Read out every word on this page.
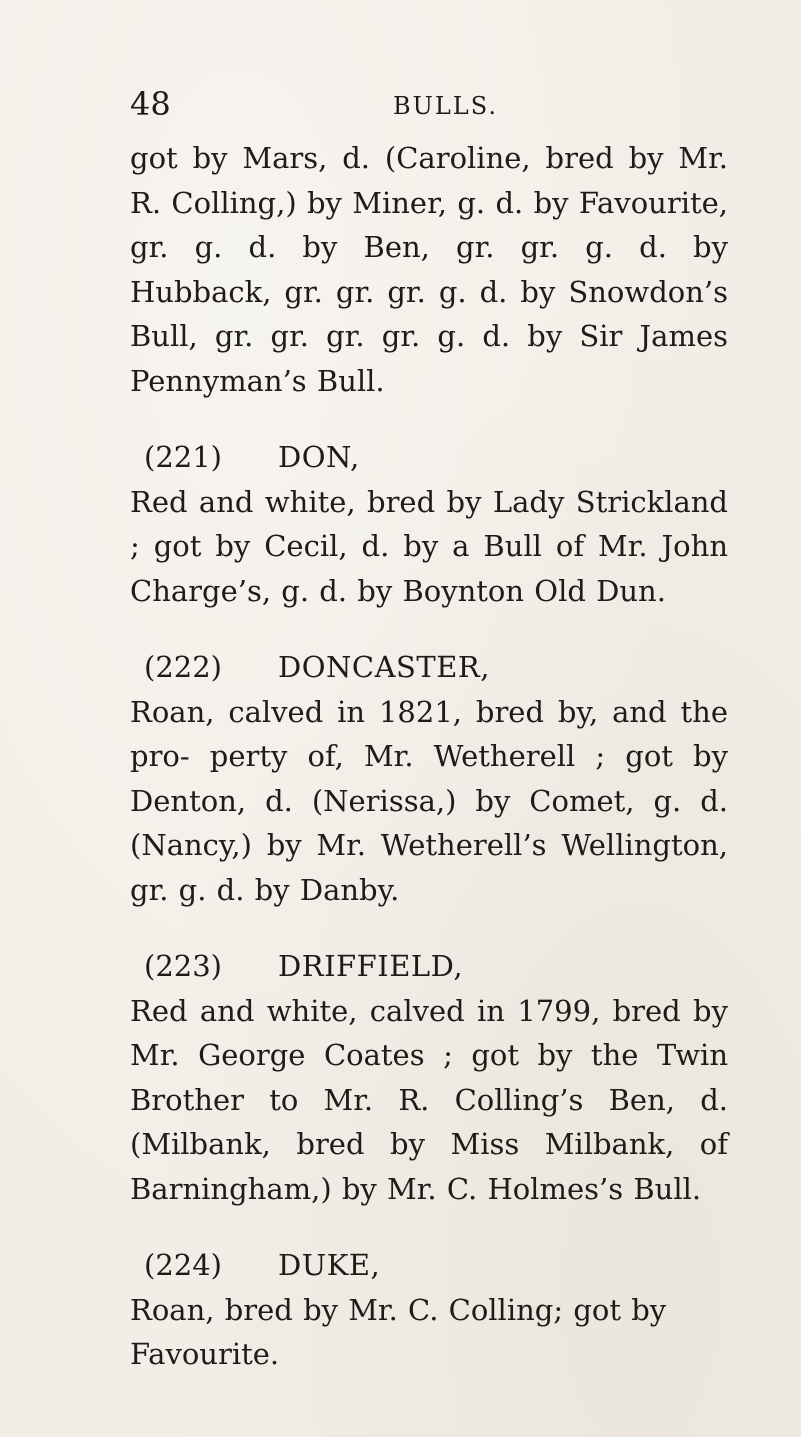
48	BULLS.

got by Mars, d. (Caroline, bred by Mr. R. Colling,) by Miner, g. d. by Favourite, gr. g. d. by Ben, gr. gr. g. d. by Hubback, gr. gr. gr. g. d. by Snowdon’s Bull, gr. gr. gr. gr. g. d. by Sir James Pennyman’s Bull.

(221)	DON,

Red and white, bred by Lady Strickland ; got by Cecil, d. by a Bull of Mr. John Charge’s, g. d. by Boynton Old Dun.

(222)	DONCASTER,

Roan, calved in 1821, bred by, and the pro- perty of, Mr. Wetherell ; got by Denton, d. (Nerissa,) by Comet, g. d. (Nancy,) by Mr. Wetherell’s Wellington, gr. g. d. by Danby.

(223)	DRIFFIELD,

Red and white, calved in 1799, bred by Mr. George Coates ; got by the Twin Brother to Mr. R. Colling’s Ben, d. (Milbank, bred by Miss Milbank, of Barningham,) by Mr. C. Holmes’s Bull.

(224)	DUKE,

Roan, bred by Mr. C. Colling; got by Favourite.
